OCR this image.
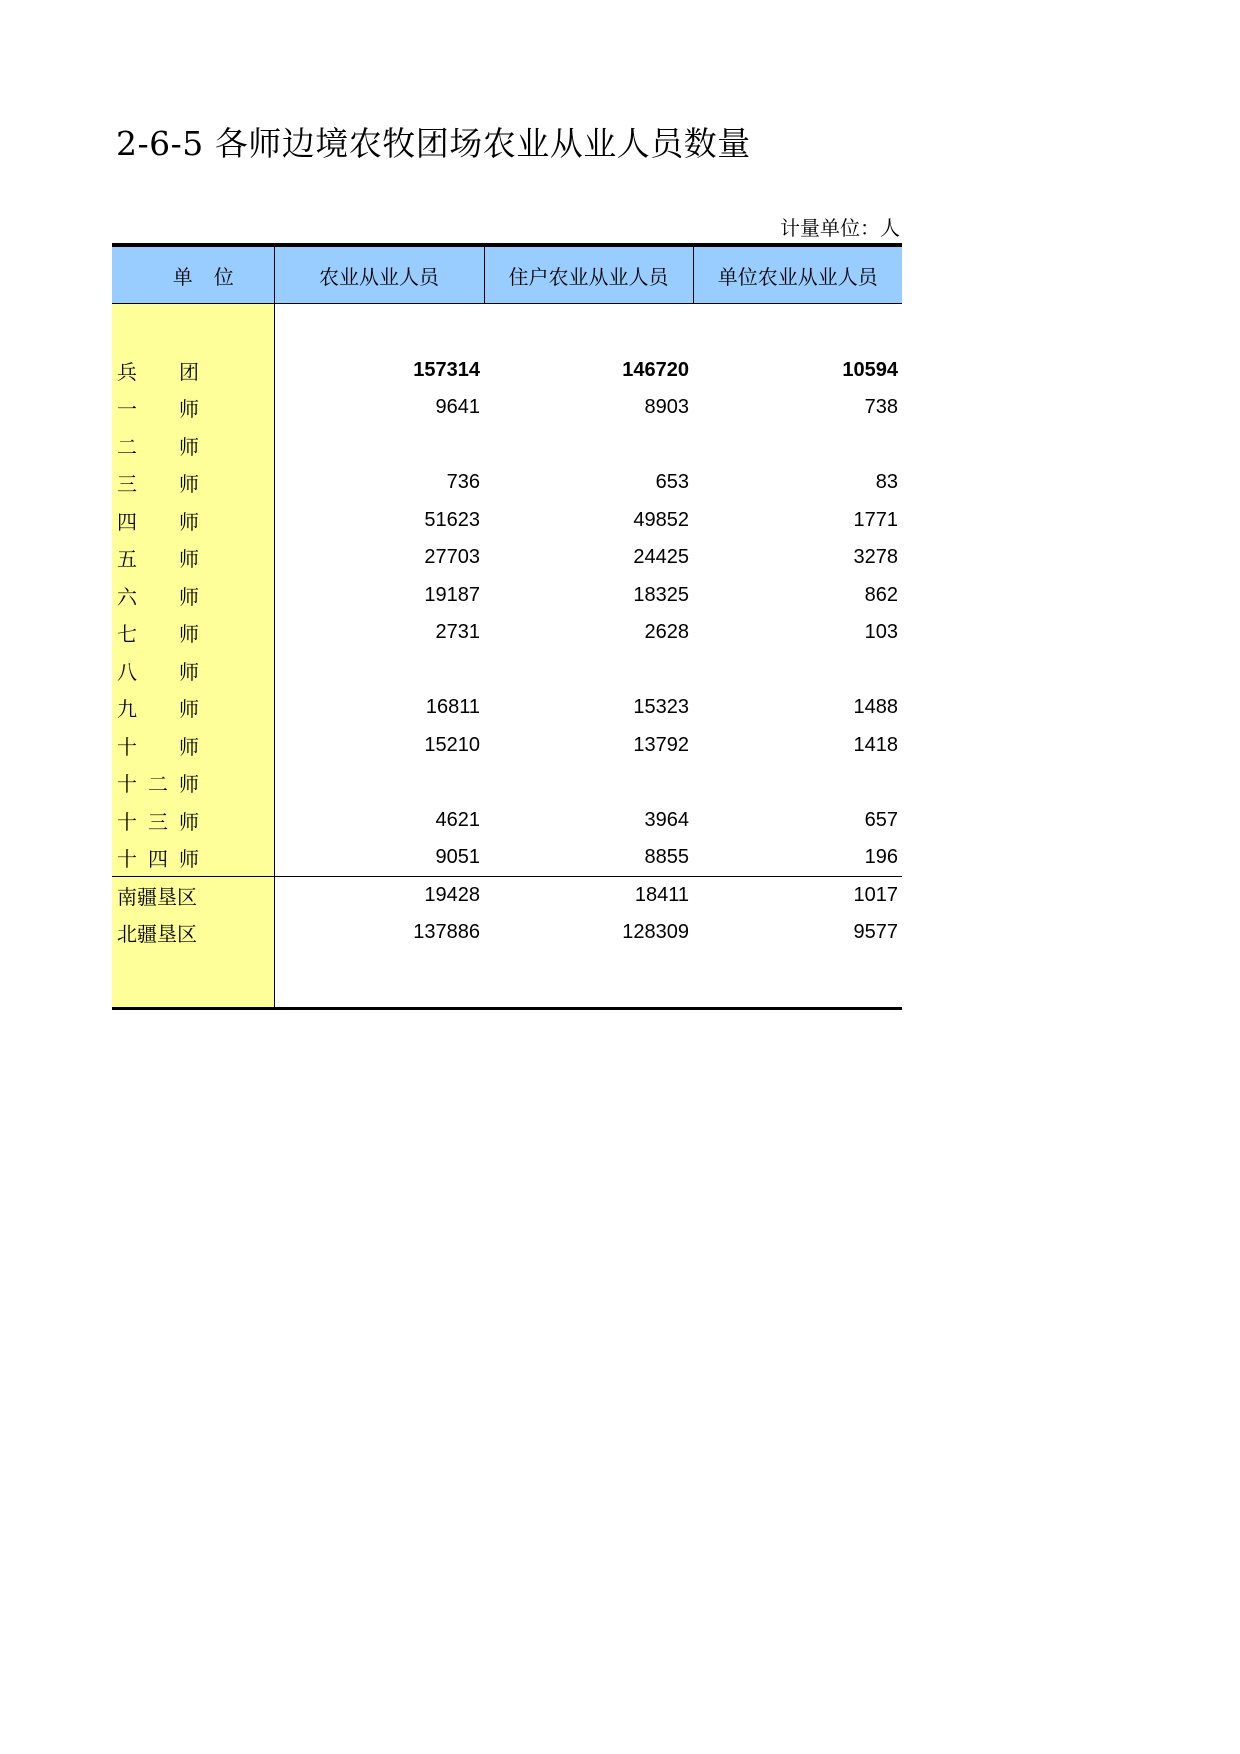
2-6-5 各师边境农牧团场农业从业人员数量
计量单位：人
单 位	农业从业人员	住户农业从业人员	单位农业从业人员

兵 团	157314	146720	10594
一 师	9641	8903	738
二 师			
三 师	736	653	83
四 师	51623	49852	1771
五 师	27703	24425	3278
六 师	19187	18325	862
七 师	2731	2628	103
八 师			
九 师	16811	15323	1488
十 师	15210	13792	1418
十 二 师			
十 三 师	4621	3964	657
十 四 师	9051	8855	196
南疆垦区	19428	18411	1017
北疆垦区	137886	128309	9577
